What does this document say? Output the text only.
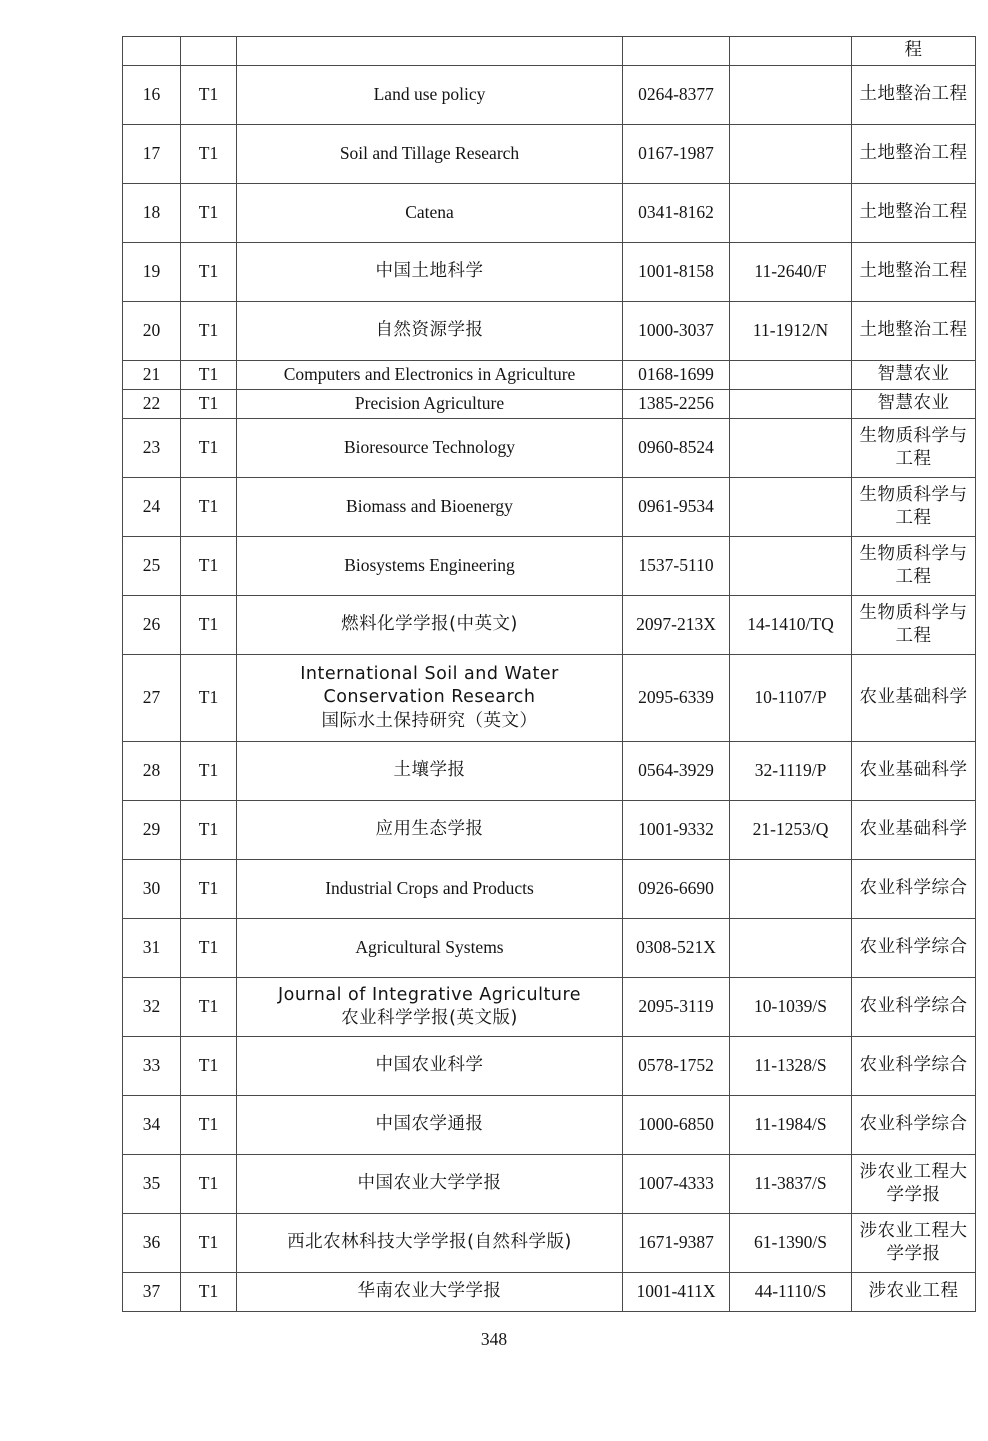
					程
16	T1	Land use policy	0264-8377		土地整治工程
17	T1	Soil and Tillage Research	0167-1987		土地整治工程
18	T1	Catena	0341-8162		土地整治工程
19	T1	中国土地科学	1001-8158	11-2640/F	土地整治工程
20	T1	自然资源学报	1000-3037	11-1912/N	土地整治工程
21	T1	Computers and Electronics in Agriculture	0168-1699		智慧农业
22	T1	Precision Agriculture	1385-2256		智慧农业
23	T1	Bioresource Technology	0960-8524		生物质科学与工程
24	T1	Biomass and Bioenergy	0961-9534		生物质科学与工程
25	T1	Biosystems Engineering	1537-5110		生物质科学与工程
26	T1	燃料化学学报(中英文)	2097-213X	14-1410/TQ	生物质科学与工程
27	T1	International Soil and Water Conservation Research
国际水土保持研究（英文）	2095-6339	10-1107/P	农业基础科学
28	T1	土壤学报	0564-3929	32-1119/P	农业基础科学
29	T1	应用生态学报	1001-9332	21-1253/Q	农业基础科学
30	T1	Industrial Crops and Products	0926-6690		农业科学综合
31	T1	Agricultural Systems	0308-521X		农业科学综合
32	T1	Journal of Integrative Agriculture
农业科学学报(英文版)	2095-3119	10-1039/S	农业科学综合
33	T1	中国农业科学	0578-1752	11-1328/S	农业科学综合
34	T1	中国农学通报	1000-6850	11-1984/S	农业科学综合
35	T1	中国农业大学学报	1007-4333	11-3837/S	涉农业工程大学学报
36	T1	西北农林科技大学学报(自然科学版)	1671-9387	61-1390/S	涉农业工程大学学报
37	T1	华南农业大学学报	1001-411X	44-1110/S	涉农业工程
348
